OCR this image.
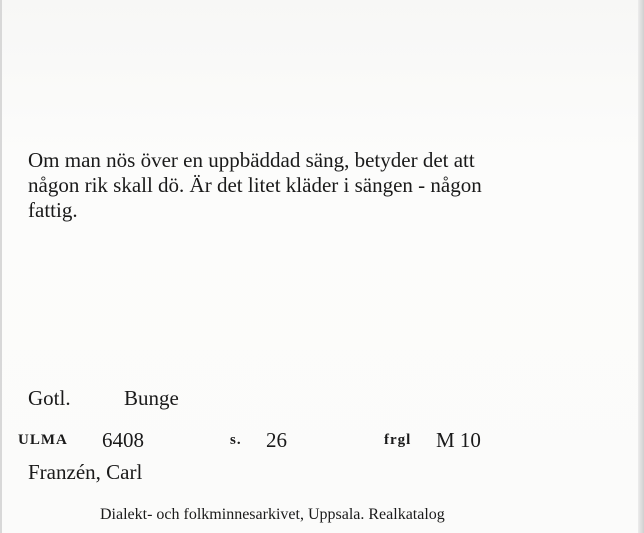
Om man nös över en uppbäddad säng, betyder det att
någon rik skall dö. Är det litet kläder i sängen - någon
fattig.
Gotl.	Bunge
ULMA 6408	s. 26	frgl M 10
Franzén, Carl
Dialekt- och folkminnesarkivet, Uppsala. Realkatalog
